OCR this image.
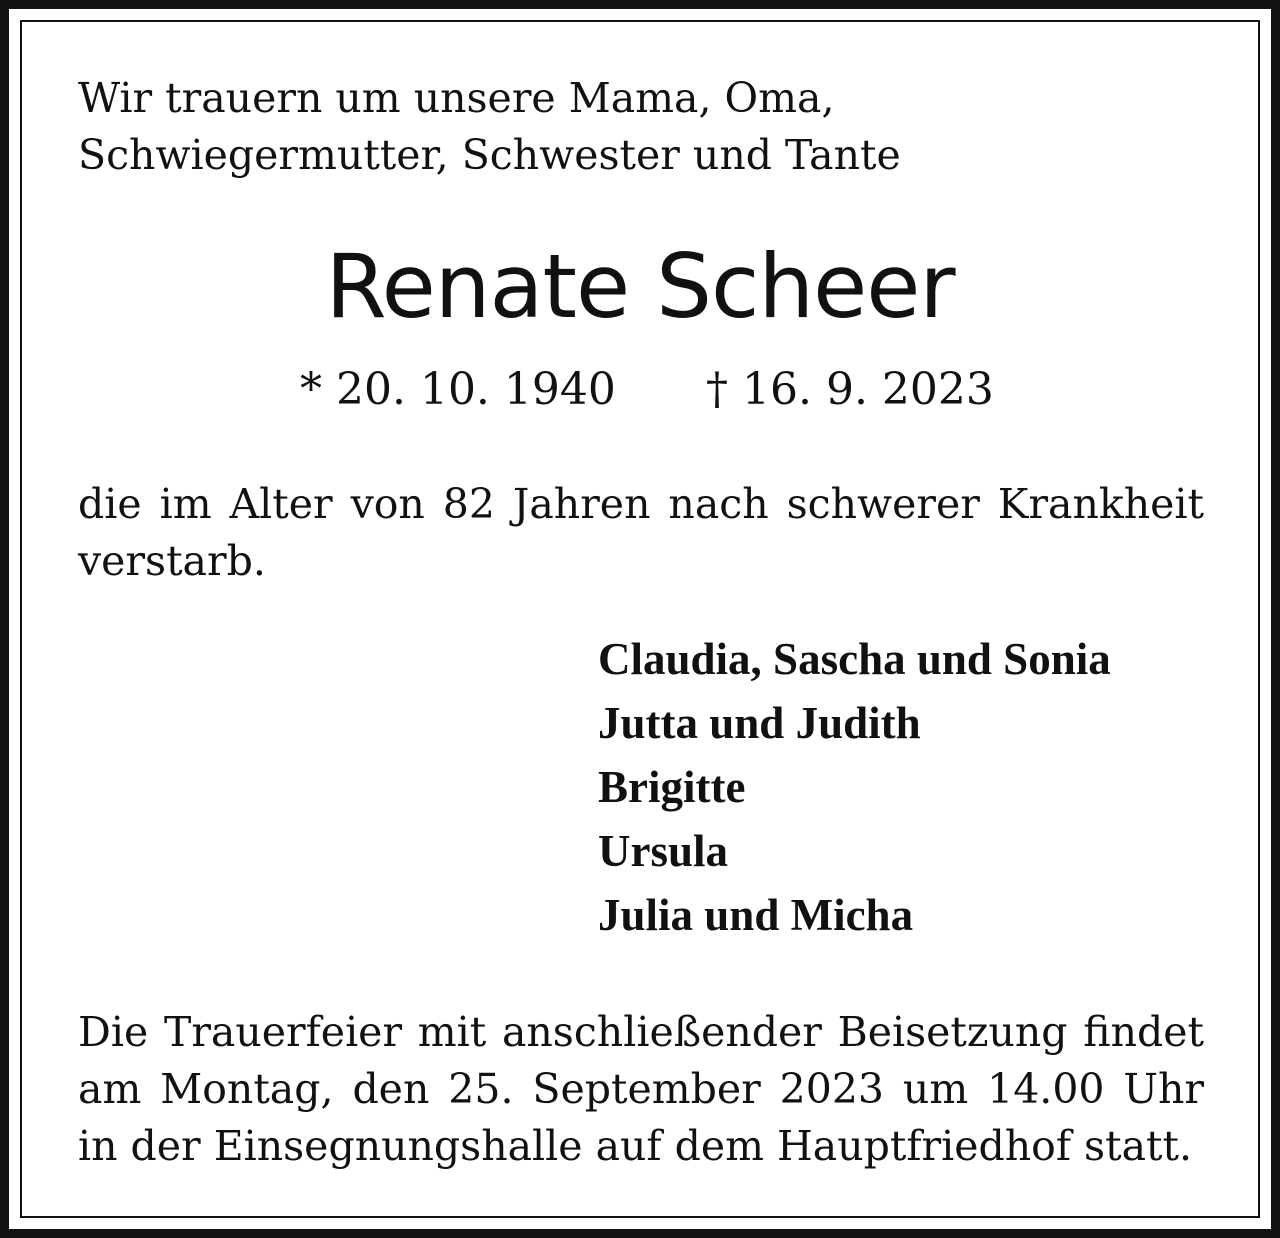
Wir trauern um unsere Mama, Oma, Schwiegermutter, Schwester und Tante

Renate Scheer
* 20. 10. 1940 † 16. 9. 2023

die im Alter von 82 Jahren nach schwerer Krankheit verstarb.

Claudia, Sascha und Sonia
Jutta und Judith
Brigitte
Ursula
Julia und Micha

Die Trauerfeier mit anschließender Beisetzung findet am Montag, den 25. September 2023 um 14.00 Uhr in der Einsegnungshalle auf dem Hauptfriedhof statt.
